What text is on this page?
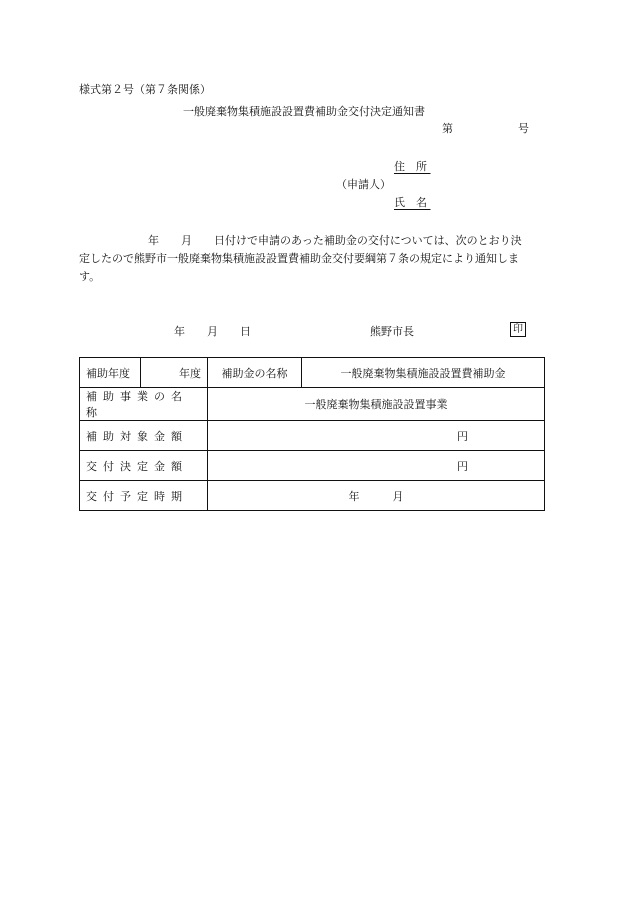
様式第２号（第７条関係）
一般廃棄物集積施設設置費補助金交付決定通知書
第	号
住　所
（申請人）
氏　名
年　　月　　日付けで申請のあった補助金の交付については、次のとおり決
定したので熊野市一般廃棄物集積施設設置費補助金交付要綱第７条の規定により通知しま
す。
年　　月　　日	熊野市長	印
補助年度	年度	補助金の名称	一般廃棄物集積施設設置費補助金
補助事業の名称		一般廃棄物集積施設設置事業	
補助対象金額		円	
交付決定金額		円	
交付予定時期		年　　　月	
